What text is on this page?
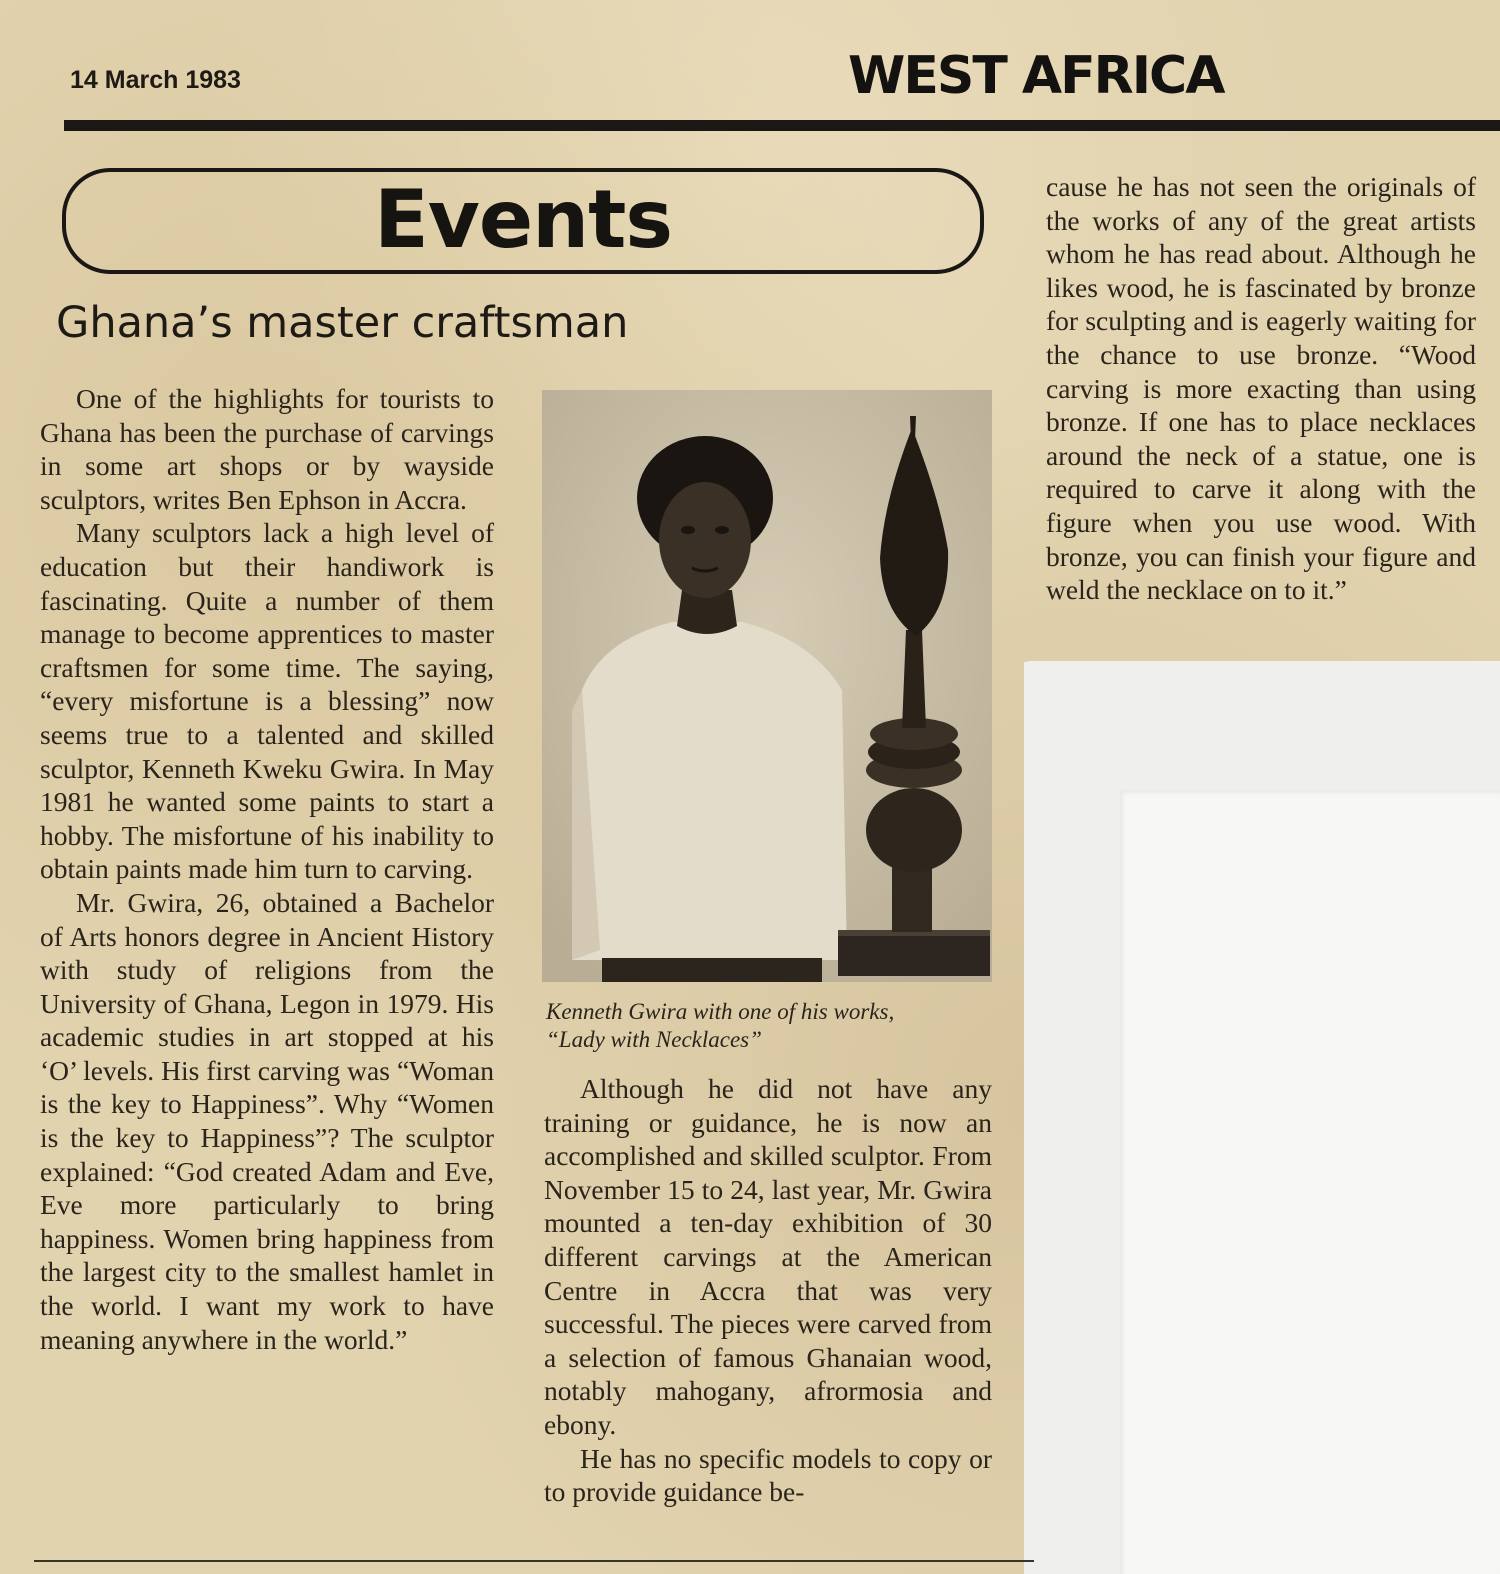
14 March 1983	WEST AFRICA
Events
Ghana’s master craftsman

One of the highlights for tourists to Ghana has been the purchase of carvings in some art shops or by wayside sculptors, writes Ben Ephson in Accra.

Many sculptors lack a high level of education but their handiwork is fascinating. Quite a number of them manage to become apprentices to master craftsmen for some time. The saying, “every misfortune is a blessing” now seems true to a talented and skilled sculptor, Kenneth Kweku Gwira. In May 1981 he wanted some paints to start a hobby. The misfortune of his inability to obtain paints made him turn to carving.

Mr. Gwira, 26, obtained a Bachelor of Arts honors degree in Ancient History with study of religions from the University of Ghana, Legon in 1979. His academic studies in art stopped at his ‘O’ levels. His first carving was “Woman is the key to Happiness”. Why “Women is the key to Happiness”? The sculptor explained: “God created Adam and Eve, Eve more particularly to bring happiness. Women bring happiness from the largest city to the smallest hamlet in the world. I want my work to have meaning anywhere in the world.”

Kenneth Gwira with one of his works,
“Lady with Necklaces”

Although he did not have any training or guidance, he is now an accomplished and skilled sculptor. From November 15 to 24, last year, Mr. Gwira mounted a ten-day exhibition of 30 different carvings at the American Centre in Accra that was very successful. The pieces were carved from a selection of famous Ghanaian wood, notably mahogany, afrormosia and ebony.

He has no specific models to copy or to provide guidance be-

cause he has not seen the originals of the works of any of the great artists whom he has read about. Although he likes wood, he is fascinated by bronze for sculpting and is eagerly waiting for the chance to use bronze. “Wood carving is more exacting than using bronze. If one has to place necklaces around the neck of a statue, one is required to carve it along with the figure when you use wood. With bronze, you can finish your figure and weld the necklace on to it.”
